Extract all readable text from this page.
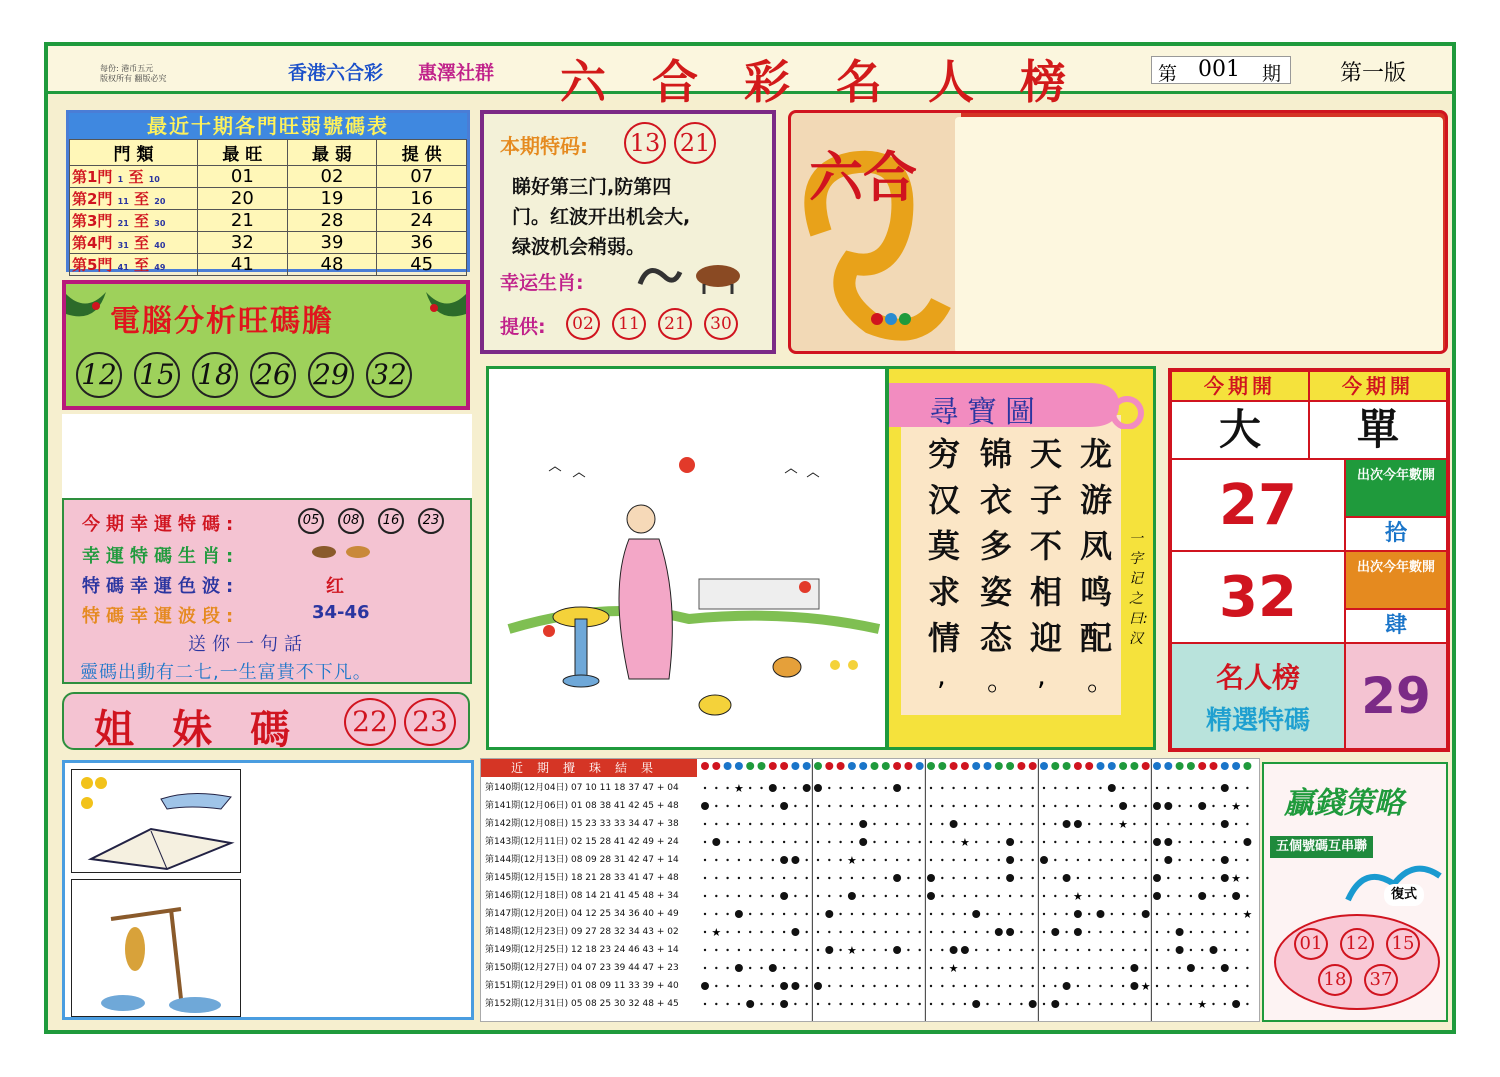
每份: 港币五元
版权所有 翻版必究	香港六合彩 惠澤社群 六合彩名人榜 第 001 期	第一版
最近十期各門旺弱號碼表
門 類	最 旺	最 弱	提 供
第1門 1 至 10	01	02	07
第2門 11 至 20	20	19	16
第3門 21 至 30	21	28	24
第4門 31 至 40	32	39	36
第5門 41 至 49	41	48	45
電腦分析旺碼膽
12 15 18 26 29 32
今期幸運特碼:	05	08	16	23
幸運特碼生肖:
特碼幸運色波:	红
特碼幸運波段:	34-46
送你一句話
靈碼出動有二七,一生富貴不下凡。
姐妹碼 22 23
本期特码: 13 21
睇好第三门,防第四
门。红波开出机会大,
绿波机会稍弱。
幸运生肖:
提供:	02	11	21	30
六合
尋寶圖
龙游凤鸣配
天子不相迎
锦衣多姿态
穷汉莫求情
, 。 , 。
一字记之曰:汉
今期開	今期開
大	單
27	出次今年數開
拾
32	出次今年數開
肆
名人榜
精選特碼	29
近期攪珠結果
第140期(12月04日) 07 10 11 18 37 47 + 04
第141期(12月06日) 01 08 38 41 42 45 + 48
第142期(12月08日) 15 23 33 33 34 47 + 38
第143期(12月11日) 02 15 28 41 42 49 + 24
第144期(12月13日) 08 09 28 31 42 47 + 14
第145期(12月15日) 18 21 28 33 41 47 + 48
第146期(12月18日) 08 14 21 41 45 48 + 34
第147期(12月20日) 04 12 25 34 36 40 + 49
第148期(12月23日) 09 27 28 32 34 43 + 02
第149期(12月25日) 12 18 23 24 46 43 + 14
第150期(12月27日) 04 07 23 39 44 47 + 23
第151期(12月29日) 01 08 09 11 33 39 + 40
第152期(12月31日) 05 08 25 30 32 48 + 45
★
★
★
★
★
★
★
★
★
★
★
★
★
贏錢策略
五個號碼互串聯
復式
01	12	15
18	37
